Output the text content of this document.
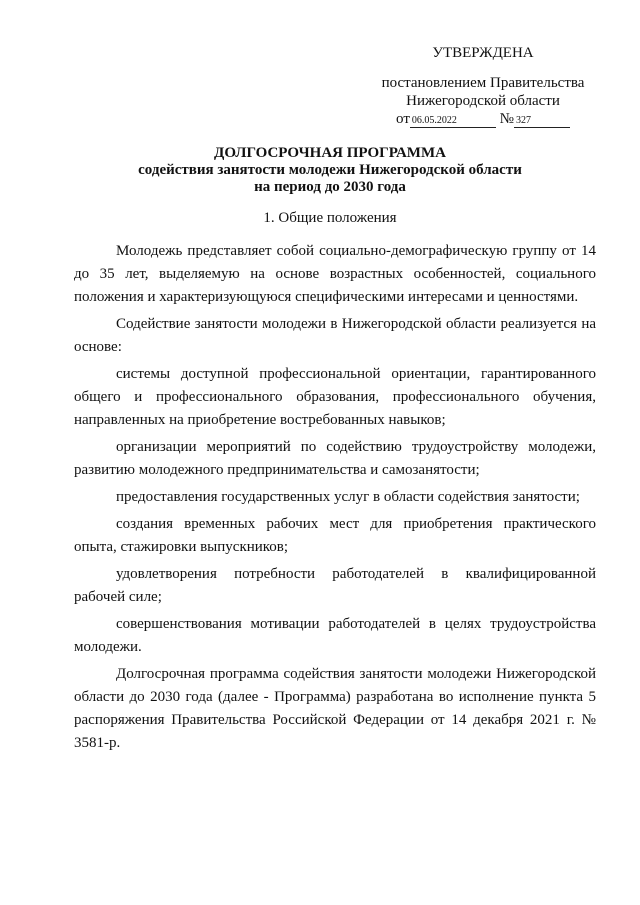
УТВЕРЖДЕНА
постановлением Правительства
Нижегородской области
от 06.05.2022	№ 327
ДОЛГОСРОЧНАЯ ПРОГРАММА
содействия занятости молодежи Нижегородской области
на период до 2030 года
1. Общие положения

Молодежь представляет собой социально-демографическую группу от 14 до 35 лет, выделяемую на основе возрастных особенностей, социального положения и характеризующуюся специфическими интересами и ценностями.

Содействие занятости молодежи в Нижегородской области реализуется на основе:

системы доступной профессиональной ориентации, гарантированного общего и профессионального образования, профессионального обучения, направленных на приобретение востребованных навыков;

организации мероприятий по содействию трудоустройству молодежи, развитию молодежного предпринимательства и самозанятости;

предоставления государственных услуг в области содействия занятости;

создания временных рабочих мест для приобретения практического опыта, стажировки выпускников;

удовлетворения потребности работодателей в квалифицированной рабочей силе;

совершенствования мотивации работодателей в целях трудоустройства молодежи.

Долгосрочная программа содействия занятости молодежи Нижегородской области до 2030 года (далее - Программа) разработана во исполнение пункта 5 распоряжения Правительства Российской Федерации от 14 декабря 2021 г. № 3581-р.
